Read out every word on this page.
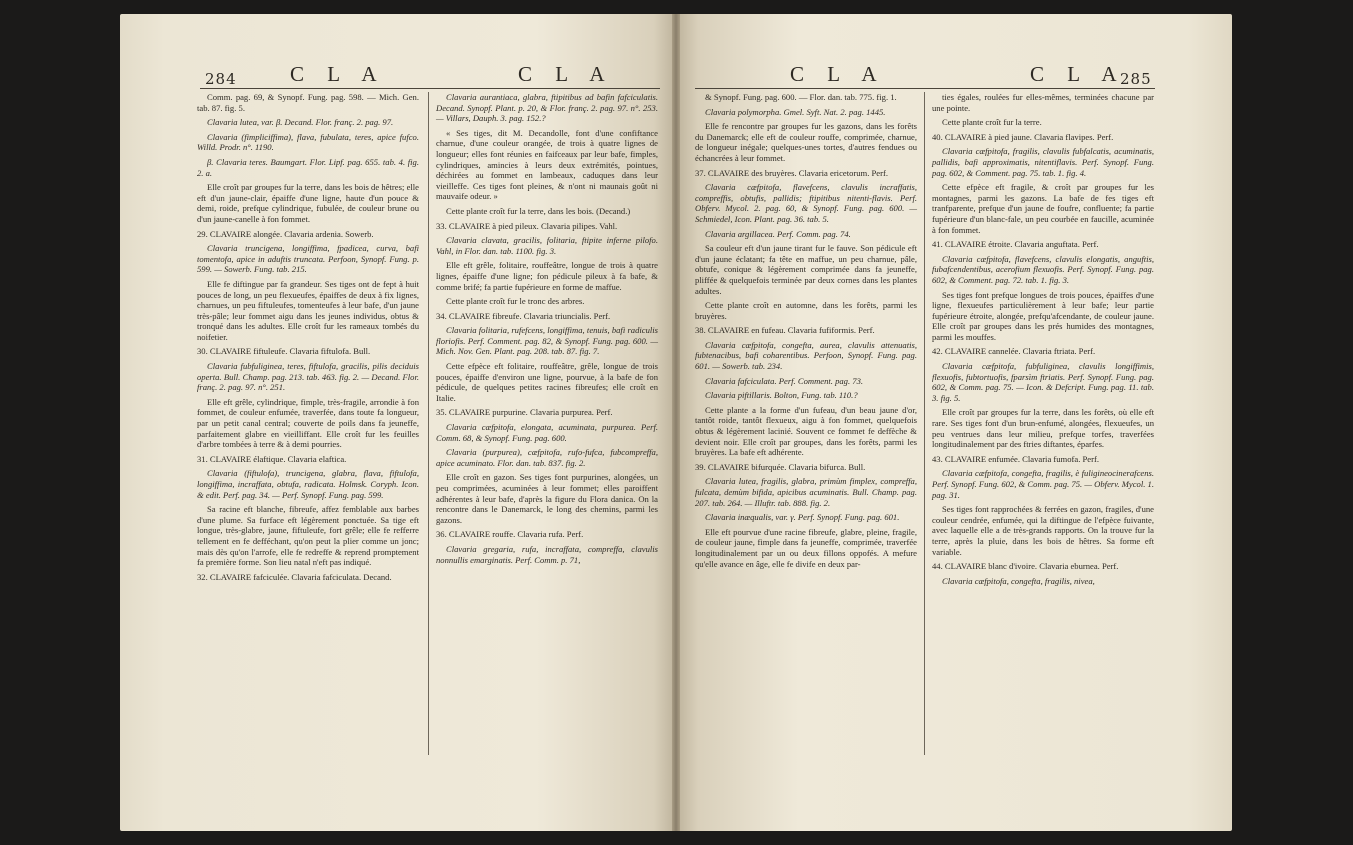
284	C L A	C L A

Comm. pag. 69, & Synopf. Fung. pag. 598. — Mich. Gen. tab. 87. fig. 5.

Clavaria lutea, var. β. Decand. Flor. franç. 2. pag. 97.

Clavaria (fimpliciffima), flava, fubulata, teres, apice fufco. Willd. Prodr. n°. 1190.

β. Clavaria teres. Baumgart. Flor. Lipf. pag. 655. tab. 4. fig. 2. a.

Elle croît par groupes fur la terre, dans les bois de hêtres; elle eft d'un jaune-clair, épaiffe d'une ligne, haute d'un pouce & demi, roide, prefque cylindrique, fubulée, de couleur brune ou d'un jaune-canelle à fon fommet.

29. CLAVAIRE alongée. Clavaria ardenia. Sowerb.

Clavaria truncigena, longiffima, fpadicea, curva, bafi tomentofa, apice in aduftis truncata. Perfoon, Synopf. Fung. p. 599. — Sowerb. Fung. tab. 215.

Elle fe diftingue par fa grandeur. Ses tiges ont de fept à huit pouces de long, un peu flexueufes, épaiffes de deux à fix lignes, charnues, un peu fiftuleufes, tomenteufes à leur bafe, d'un jaune très-pâle; leur fommet aigu dans les jeunes individus, obtus & tronqué dans les adultes. Elle croît fur les rameaux tombés du noifetier.

30. CLAVAIRE fiftuleufe. Clavaria fiftulofa. Bull.

Clavaria fubfuliginea, teres, fiftulofa, gracilis, pilis deciduis operta. Bull. Champ. pag. 213. tab. 463. fig. 2. — Decand. Flor. franç. 2. pag. 97. n°. 251.

Elle eft grêle, cylindrique, fimple, très-fragile, arrondie à fon fommet, de couleur enfumée, traverfée, dans toute fa longueur, par un petit canal central; couverte de poils dans fa jeuneffe, parfaitement glabre en vieilliffant. Elle croît fur les feuilles d'arbre tombées à terre & à demi pourries.

31. CLAVAIRE élaftique. Clavaria elaftica.

Clavaria (fiftulofa), truncigena, glabra, flava, fiftulofa, longiffima, incraffata, obtufa, radicata. Holmsk. Coryph. Icon. & edit. Perf. pag. 34. — Perf. Synopf. Fung. pag. 599.

Sa racine eft blanche, fibreufe, affez femblable aux barbes d'une plume. Sa furface eft légèrement ponctuée. Sa tige eft longue, très-glabre, jaune, fiftuleufe, fort grêle; elle fe refferre tellement en fe defféchant, qu'on peut la plier comme un jonc; mais dès qu'on l'arrofe, elle fe redreffe & reprend promptement fa première forme. Son lieu natal n'eft pas indiqué.

32. CLAVAIRE fafciculée. Clavaria fafciculata. Decand.

Clavaria aurantiaca, glabra, ftipitibus ad bafin fafciculatis. Decand. Synopf. Plant. p. 20, & Flor. franç. 2. pag. 97. n°. 253. — Villars, Dauph. 3. pag. 152.?

« Ses tiges, dit M. Decandolle, font d'une confiftance charnue, d'une couleur orangée, de trois à quatre lignes de longueur; elles font réunies en faifceaux par leur bafe, fimples, cylindriques, amincies à leurs deux extrémités, pointues, déchirées au fommet en lambeaux, caduques dans leur vieilleffe. Ces tiges font pleines, & n'ont ni maunais goût ni mauvaife odeur. »

Cette plante croît fur la terre, dans les bois. (Decand.)

33. CLAVAIRE à pied pileux. Clavaria pilipes. Vahl.

Clavaria clavata, gracilis, folitaria, ftipite inferne pilofo. Vahl, in Flor. dan. tab. 1100. fig. 3.

Elle eft grêle, folitaire, rouffeâtre, longue de trois à quatre lignes, épaiffe d'une ligne; fon pédicule pileux à fa bafe, & comme brifé; fa partie fupérieure en forme de maffue.

Cette plante croît fur le tronc des arbres.

34. CLAVAIRE fibreufe. Clavaria triuncialis. Perf.

Clavaria folitaria, rufefcens, longiffima, tenuis, bafi radiculis floriofis. Perf. Comment. pag. 82, & Synopf. Fung. pag. 600. — Mich. Nov. Gen. Plant. pag. 208. tab. 87. fig. 7.

Cette efpèce eft folitaire, rouffeâtre, grêle, longue de trois pouces, épaiffe d'environ une ligne, pourvue, à la bafe de fon pédicule, de quelques petites racines fibreufes; elle croît en Italie.

35. CLAVAIRE purpurine. Clavaria purpurea. Perf.

Clavaria cæfpitofa, elongata, acuminata, purpurea. Perf. Comm. 68, & Synopf. Fung. pag. 600.

Clavaria (purpurea), cæfpitofa, rufo-fufca, fubcompreffa, apice acuminato. Flor. dan. tab. 837. fig. 2.

Elle croît en gazon. Ses tiges font purpurines, alongées, un peu comprimées, acuminées à leur fommet; elles paroiffent adhérentes à leur bafe, d'après la figure du Flora danica. On la rencontre dans le Danemarck, le long des chemins, parmi les gazons.

36. CLAVAIRE rouffe. Clavaria rufa. Perf.

Clavaria gregaria, rufa, incraffata, compreffa, clavulis nonnullis emarginatis. Perf. Comm. p. 71,

C L A	C L A
285

& Synopf. Fung. pag. 600. — Flor. dan. tab. 775. fig. 1.

Clavaria polymorpha. Gmel. Syft. Nat. 2. pag. 1445.

Elle fe rencontre par groupes fur les gazons, dans les forêts du Danemarck; elle eft de couleur rouffe, comprimée, charnue, de longueur inégale; quelques-unes tortes, d'autres fendues ou échancrées à leur fommet.

37. CLAVAIRE des bruyères. Clavaria ericetorum. Perf.

Clavaria cæfpitofa, flavefcens, clavulis incraffatis, compreffis, obtufis, pallidis; ftipitibus nitenti-flavis. Perf. Obferv. Mycol. 2. pag. 60, & Synopf. Fung. pag. 600. — Schmiedel, Icon. Plant. pag. 36. tab. 5.

Clavaria argillacea. Perf. Comm. pag. 74.

Sa couleur eft d'un jaune tirant fur le fauve. Son pédicule eft d'un jaune éclatant; fa tête en maffue, un peu charnue, pâle, obtufe, conique & légèrement comprimée dans fa jeuneffe, pliffée & quelquefois terminée par deux cornes dans les plantes adultes.

Cette plante croît en automne, dans les forêts, parmi les bruyères.

38. CLAVAIRE en fufeau. Clavaria fufiformis. Perf.

Clavaria cæfpitofa, congefta, aurea, clavulis attenuatis, fubtenacibus, bafi coharentibus. Perfoon, Synopf. Fung. pag. 601. — Sowerb. tab. 234.

Clavaria fafciculata. Perf. Comment. pag. 73.

Clavaria piftillaris. Bolton, Fung. tab. 110.?

Cette plante a la forme d'un fufeau, d'un beau jaune d'or, tantôt roide, tantôt flexueux, aigu à fon fommet, quelquefois obtus & légèrement lacinié. Souvent ce fommet fe deffèche & devient noir. Elle croît par groupes, dans les forêts, parmi les bruyères. La bafe eft adhérente.

39. CLAVAIRE bifurquée. Clavaria bifurca. Bull.

Clavaria lutea, fragilis, glabra, primùm fimplex, compreffa, fulcata, demùm bifida, apicibus acuminatis. Bull. Champ. pag. 207. tab. 264. — Illuftr. tab. 888. fig. 2.

Clavaria inæqualis, var. γ. Perf. Synopf. Fung. pag. 601.

Elle eft pourvue d'une racine fibreufe, glabre, pleine, fragile, de couleur jaune, fimple dans fa jeuneffe, comprimée, traverfée longitudinalement par un ou deux fillons oppofés. A mefure qu'elle avance en âge, elle fe divife en deux par-

ties égales, roulées fur elles-mêmes, terminées chacune par une pointe.

Cette plante croît fur la terre.

40. CLAVAIRE à pied jaune. Clavaria flavipes. Perf.

Clavaria cæfpitofa, fragilis, clavulis fubfalcatis, acuminatis, pallidis, bafi approximatis, nitentiflavis. Perf. Synopf. Fung. pag. 602, & Comment. pag. 75. tab. 1. fig. 4.

Cette efpèce eft fragile, & croît par groupes fur les montagnes, parmi les gazons. La bafe de fes tiges eft tranfparente, prefque d'un jaune de foufre, confluente; fa partie fupérieure d'un blanc-fale, un peu courbée en faucille, acuminée à fon fommet.

41. CLAVAIRE étroite. Clavaria anguftata. Perf.

Clavaria cæfpitofa, flavefcens, clavulis elongatis, anguftis, fubafcendentibus, acerofium flexuofis. Perf. Synopf. Fung. pag. 602, & Comment. pag. 72. tab. 1. fig. 3.

Ses tiges font prefque longues de trois pouces, épaiffes d'une ligne, flexueufes particulièrement à leur bafe; leur partie fupérieure étroite, alongée, prefqu'afcendante, de couleur jaune. Elle croît par groupes dans les prés humides des montagnes, parmi les mouffes.

42. CLAVAIRE cannelée. Clavaria ftriata. Perf.

Clavaria cæfpitofa, fubfuliginea, clavulis longiffimis, flexuofis, fubtortuofis, fparsìm ftriatis. Perf. Synopf. Fung. pag. 602, & Comm. pag. 75. — Icon. & Defcript. Fung. pag. 11. tab. 3. fig. 5.

Elle croît par groupes fur la terre, dans les forêts, où elle eft rare. Ses tiges font d'un brun-enfumé, alongées, flexueufes, un peu ventrues dans leur milieu, prefque torfes, traverfées longitudinalement par des ftries diftantes, éparfes.

43. CLAVAIRE enfumée. Clavaria fumofa. Perf.

Clavaria cæfpitofa, congefta, fragilis, è fuligineocinerafcens. Perf. Synopf. Fung. 602, & Comm. pag. 75. — Obferv. Mycol. 1. pag. 31.

Ses tiges font rapprochées & ferrées en gazon, fragiles, d'une couleur cendrée, enfumée, qui la diftingue de l'efpèce fuivante, avec laquelle elle a de très-grands rapports. On la trouve fur la terre, après la pluie, dans les bois de hêtres. Sa forme eft variable.

44. CLAVAIRE blanc d'ivoire. Clavaria eburnea. Perf.

Clavaria cæfpitofa, congefta, fragilis, nivea,
